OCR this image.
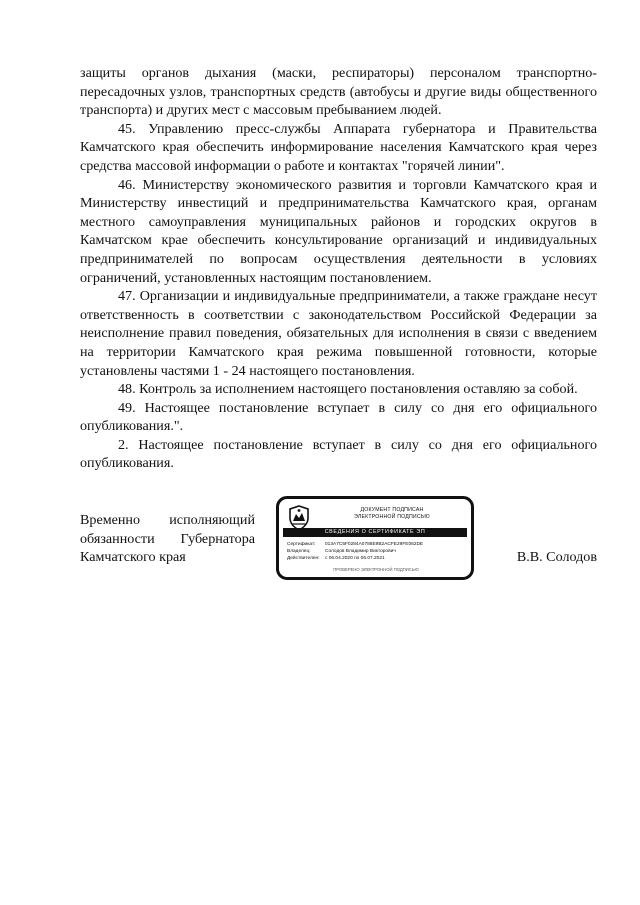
защиты органов дыхания (маски, респираторы) персоналом транспортно-пересадочных узлов, транспортных средств (автобусы и другие виды общественного транспорта) и других мест с массовым пребыванием людей.

45. Управлению пресс-службы Аппарата губернатора и Правительства Камчатского края обеспечить информирование населения Камчатского края через средства массовой информации о работе и контактах "горячей линии".

46. Министерству экономического развития и торговли Камчатского края и Министерству инвестиций и предпринимательства Камчатского края, органам местного самоуправления муниципальных районов и городских округов в Камчатском крае обеспечить консультирование организаций и индивидуальных предпринимателей по вопросам осуществления деятельности в условиях ограничений, установленных настоящим постановлением.

47. Организации и индивидуальные предприниматели, а также граждане несут ответственность в соответствии с законодательством Российской Федерации за неисполнение правил поведения, обязательных для исполнения в связи с введением на территории Камчатского края режима повышенной готовности, которые установлены частями 1 - 24 настоящего постановления.

48. Контроль за исполнением настоящего постановления оставляю за собой.

49. Настоящее постановление вступает в силу со дня его официального опубликования.".

2. Настоящее постановление вступает в силу со дня его официального опубликования.

Временно исполняющий
обязанности Губернатора
Камчатского края
ДОКУМЕНТ ПОДПИСАН
ЭЛЕКТРОННОЙ ПОДПИСЬЮ
СВЕДЕНИЯ О СЕРТИФИКАТЕ ЭП
Сертификат:	013A7C5F0284A0788E9B2ACFE29FE062DE
Владелец:	Солодов Владимир Викторович
Действителен:	с 06.04.2020 по 06.07.2021
ПРОВЕРЕНО ЭЛЕКТРОННОЙ ПОДПИСЬЮ
В.В. Солодов
